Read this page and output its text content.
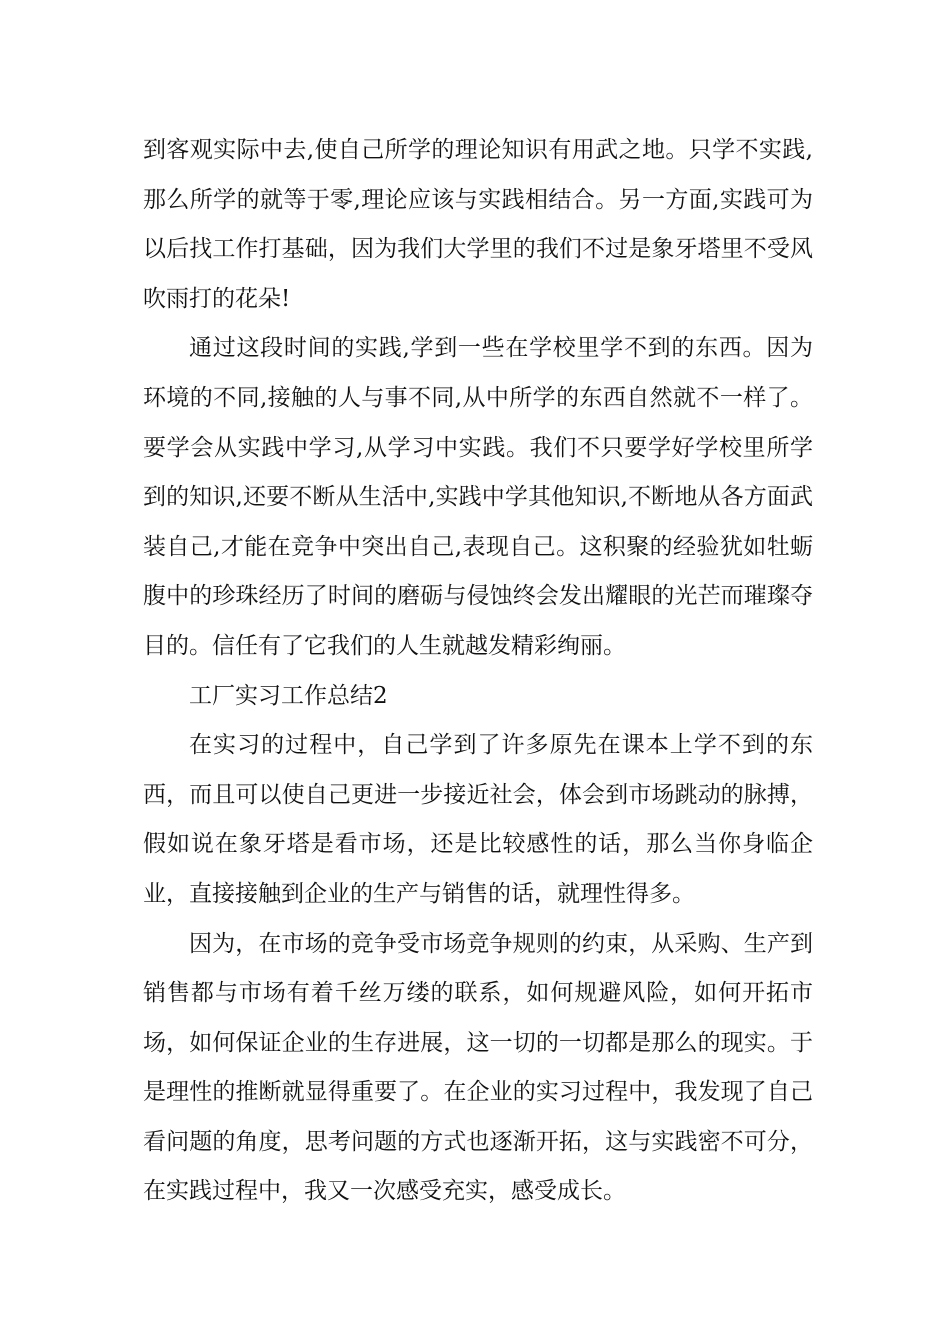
到客观实际中去,使自己所学的理论知识有用武之地。只学不实践,那么所学的就等于零,理论应该与实践相结合。另一方面,实践可为以后找工作打基础，因为我们大学里的我们不过是象牙塔里不受风吹雨打的花朵!

通过这段时间的实践,学到一些在学校里学不到的东西。因为环境的不同,接触的人与事不同,从中所学的东西自然就不一样了。要学会从实践中学习,从学习中实践。我们不只要学好学校里所学到的知识,还要不断从生活中,实践中学其他知识,不断地从各方面武装自己,才能在竞争中突出自己,表现自己。这积聚的经验犹如牡蛎腹中的珍珠经历了时间的磨砺与侵蚀终会发出耀眼的光芒而璀璨夺目的。信任有了它我们的人生就越发精彩绚丽。

工厂实习工作总结2

在实习的过程中，自己学到了许多原先在课本上学不到的东西，而且可以使自己更进一步接近社会，体会到市场跳动的脉搏，假如说在象牙塔是看市场，还是比较感性的话，那么当你身临企业，直接接触到企业的生产与销售的话，就理性得多。

因为，在市场的竞争受市场竞争规则的约束，从采购、生产到销售都与市场有着千丝万缕的联系，如何规避风险，如何开拓市场，如何保证企业的生存进展，这一切的一切都是那么的现实。于是理性的推断就显得重要了。在企业的实习过程中，我发现了自己看问题的角度，思考问题的方式也逐渐开拓，这与实践密不可分，在实践过程中，我又一次感受充实，感受成长。
